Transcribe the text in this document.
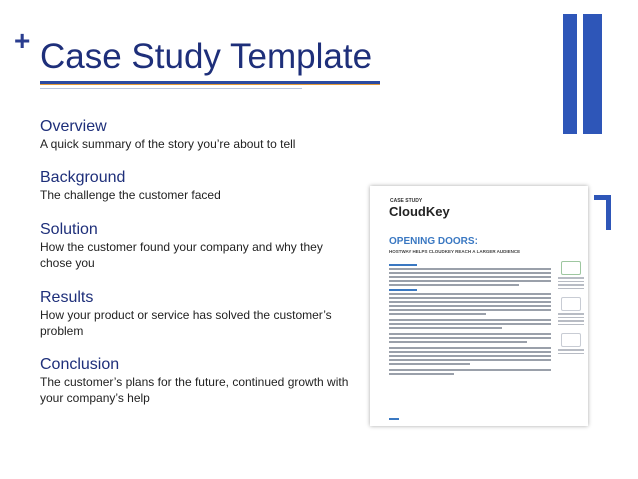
+ Case Study Template
Overview
A quick summary of the story you’re about to tell
Background
The challenge the customer faced
Solution
How the customer found your company and why they chose you
Results
How your product or service has solved the customer’s problem
Conclusion
The customer’s plans for the future, continued growth with your company’s help
CASE STUDY
CloudKey
OPENING DOORS:
HOSTWAY HELPS CLOUDKEY REACH A LARGER AUDIENCE
